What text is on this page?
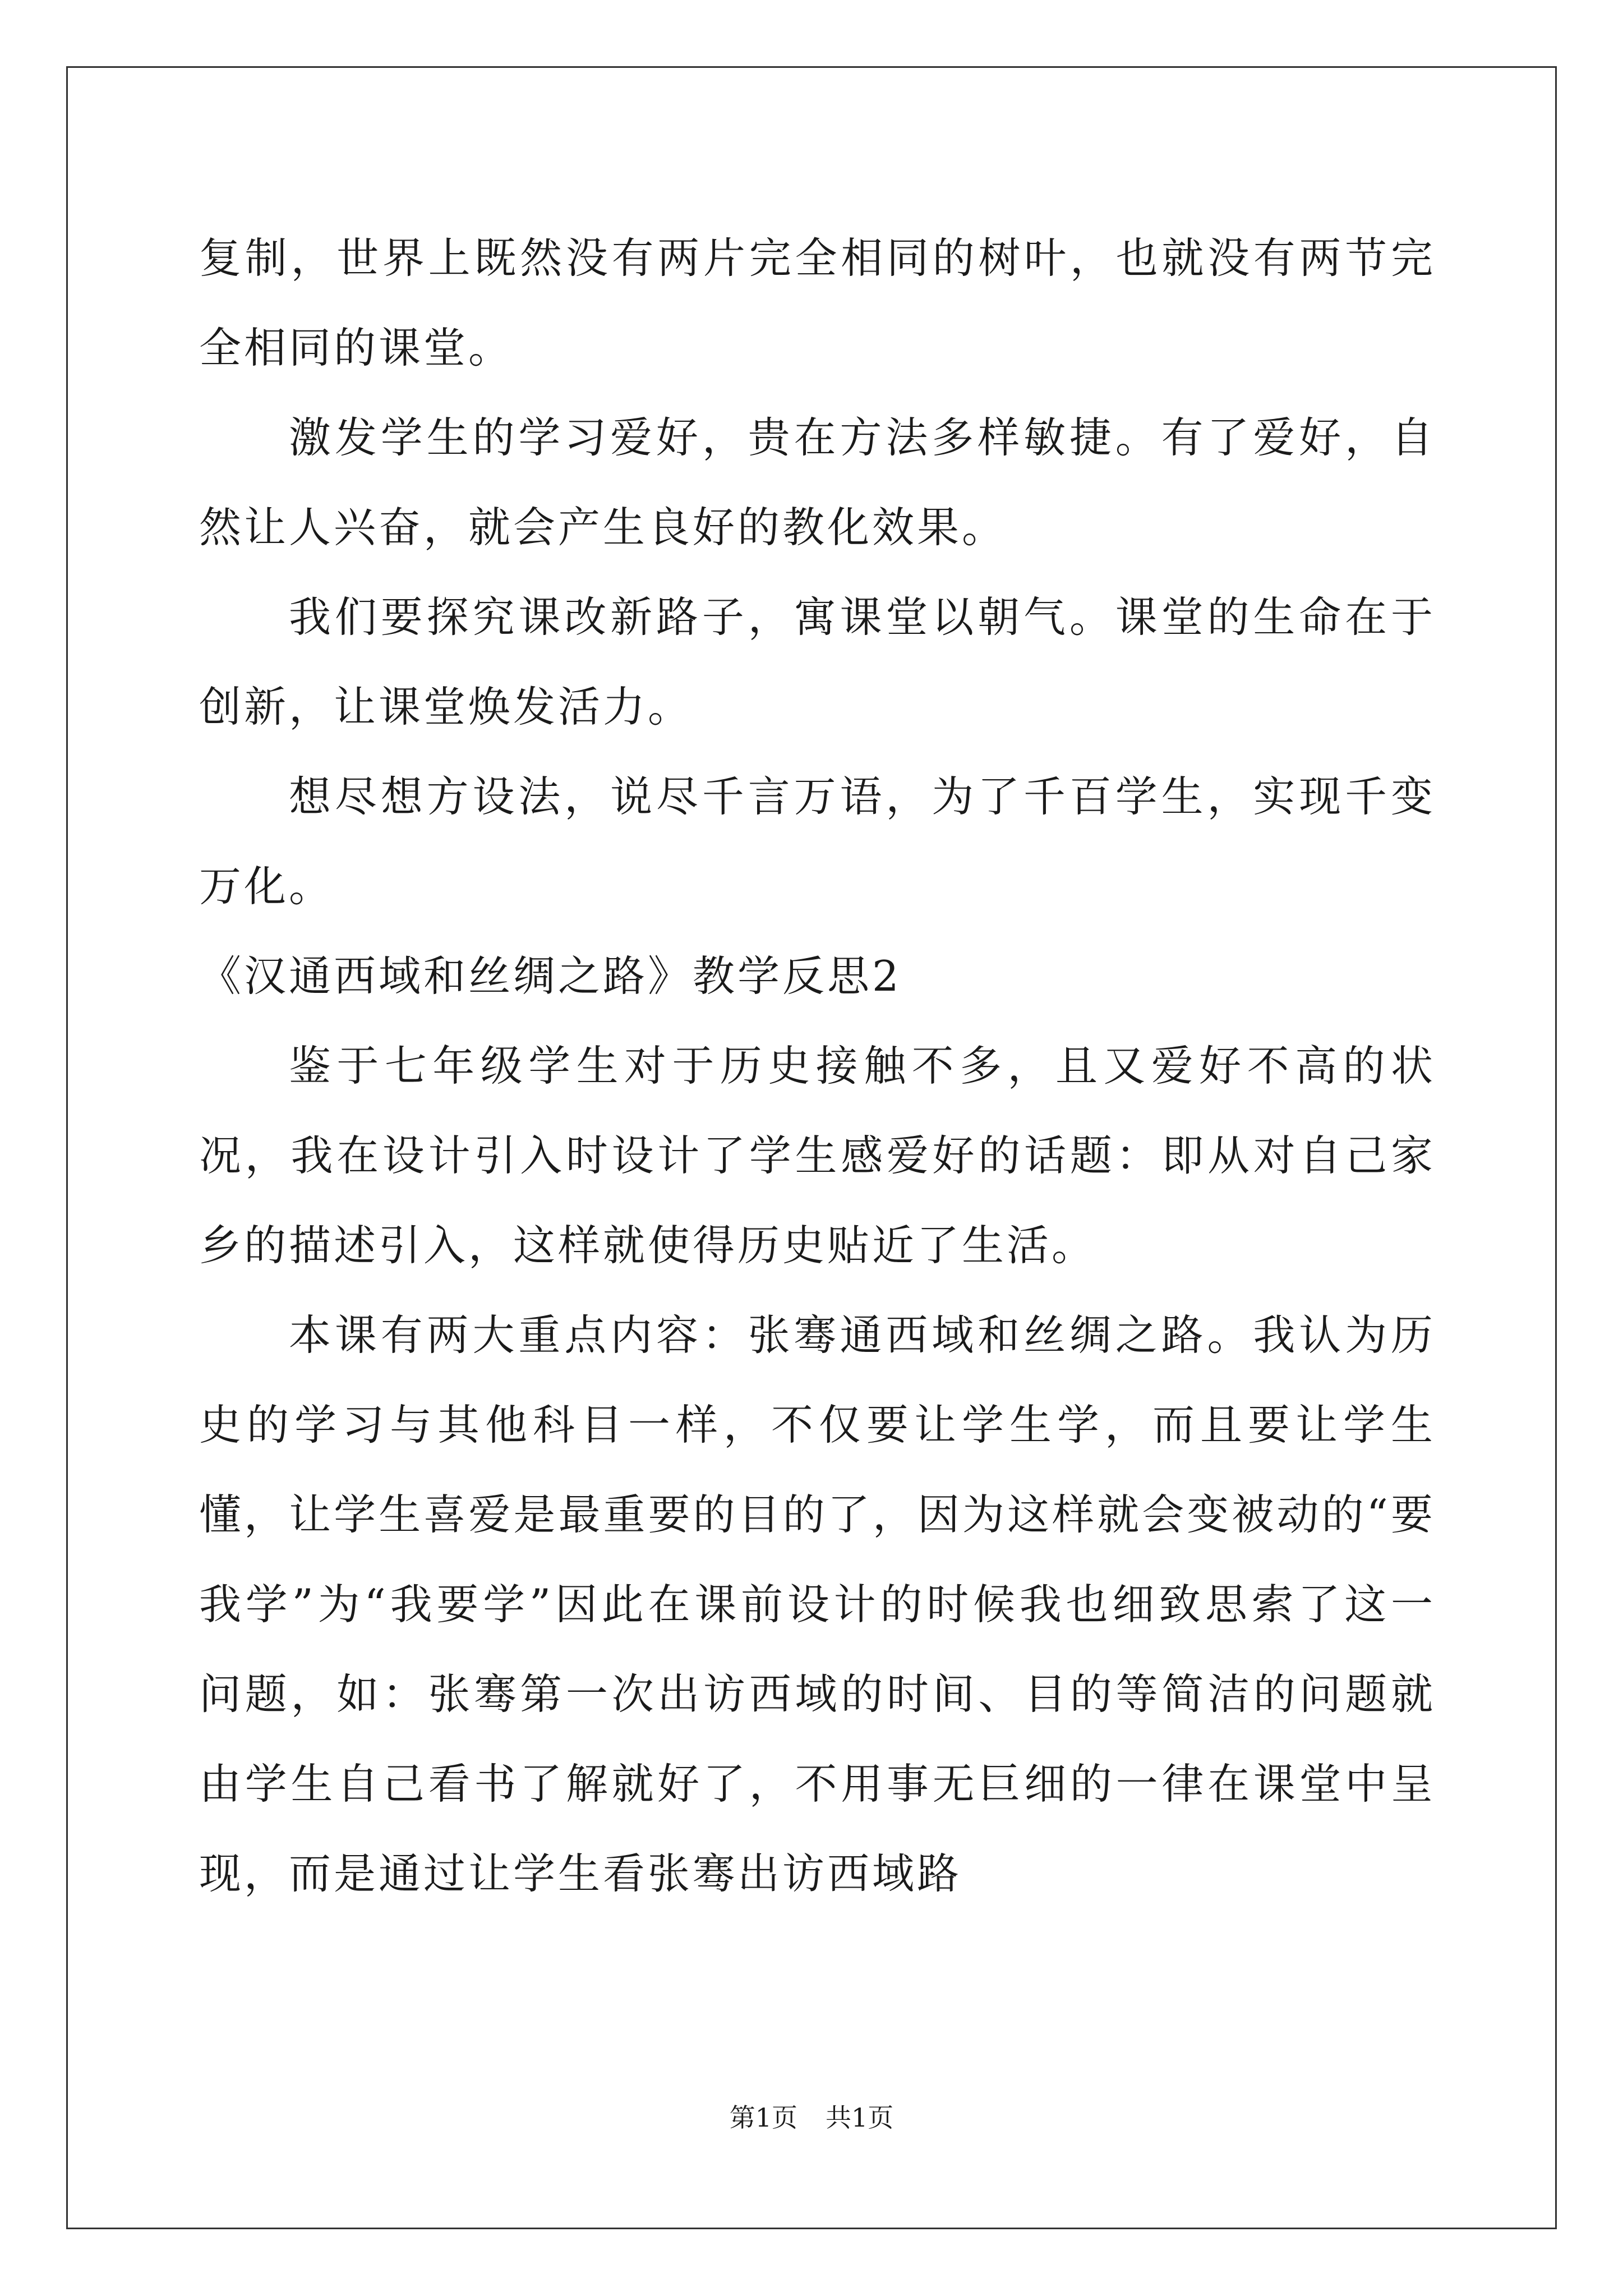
复制，世界上既然没有两片完全相同的树叶，也就没有两节完全相同的课堂。

激发学生的学习爱好，贵在方法多样敏捷。有了爱好，自然让人兴奋，就会产生良好的教化效果。

我们要探究课改新路子，寓课堂以朝气。课堂的生命在于创新，让课堂焕发活力。

想尽想方设法，说尽千言万语，为了千百学生，实现千变万化。

《汉通西域和丝绸之路》教学反思2

鉴于七年级学生对于历史接触不多，且又爱好不高的状况，我在设计引入时设计了学生感爱好的话题：即从对自己家乡的描述引入，这样就使得历史贴近了生活。

本课有两大重点内容：张骞通西域和丝绸之路。我认为历史的学习与其他科目一样，不仅要让学生学，而且要让学生懂，让学生喜爱是最重要的目的了，因为这样就会变被动的“要我学”为“我要学”因此在课前设计的时候我也细致思索了这一问题，如：张骞第一次出访西域的时间、目的等简洁的问题就由学生自己看书了解就好了，不用事无巨细的一律在课堂中呈现，而是通过让学生看张骞出访西域路

第1页 共1页
